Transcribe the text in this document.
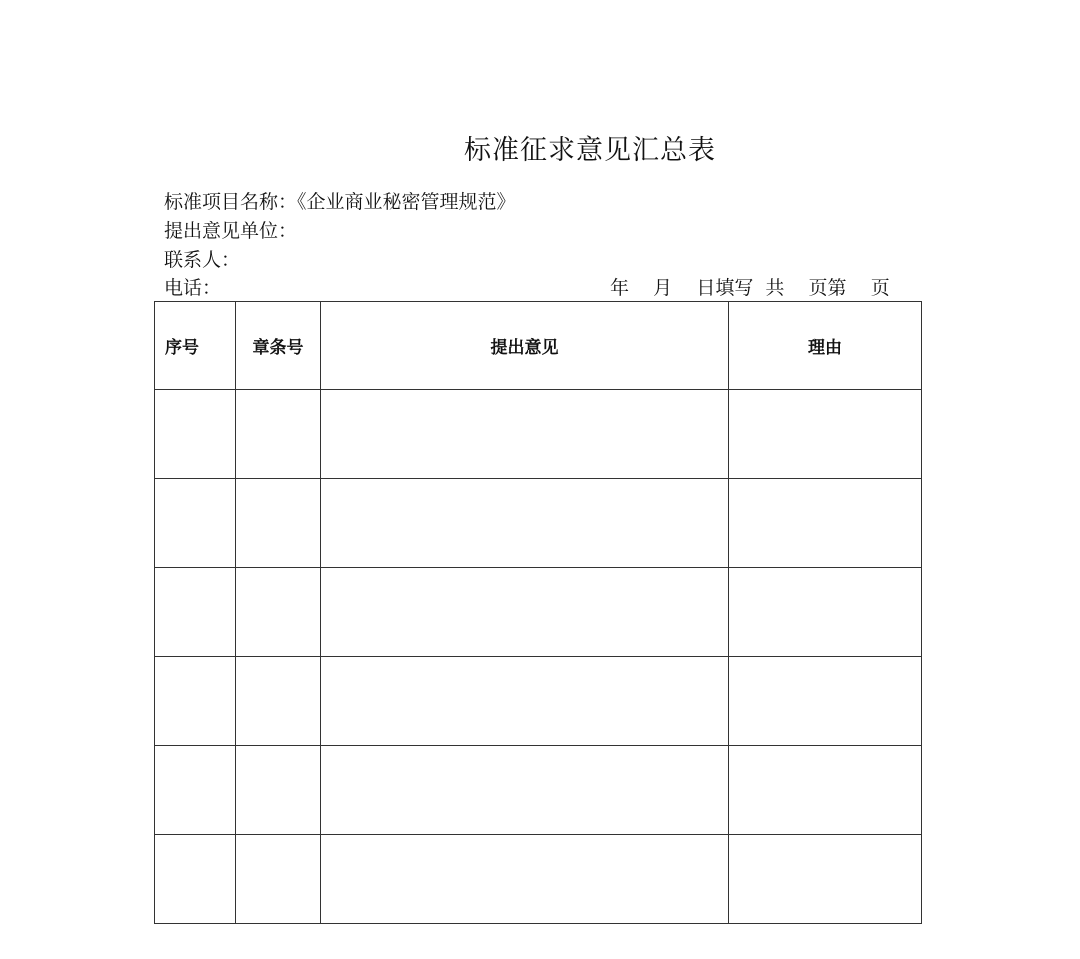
标准征求意见汇总表
标准项目名称：《企业商业秘密管理规范》
提出意见单位：
联系人：
电话：	年    月    日填写  共    页第    页
序号	章条号	提出意见	理由
